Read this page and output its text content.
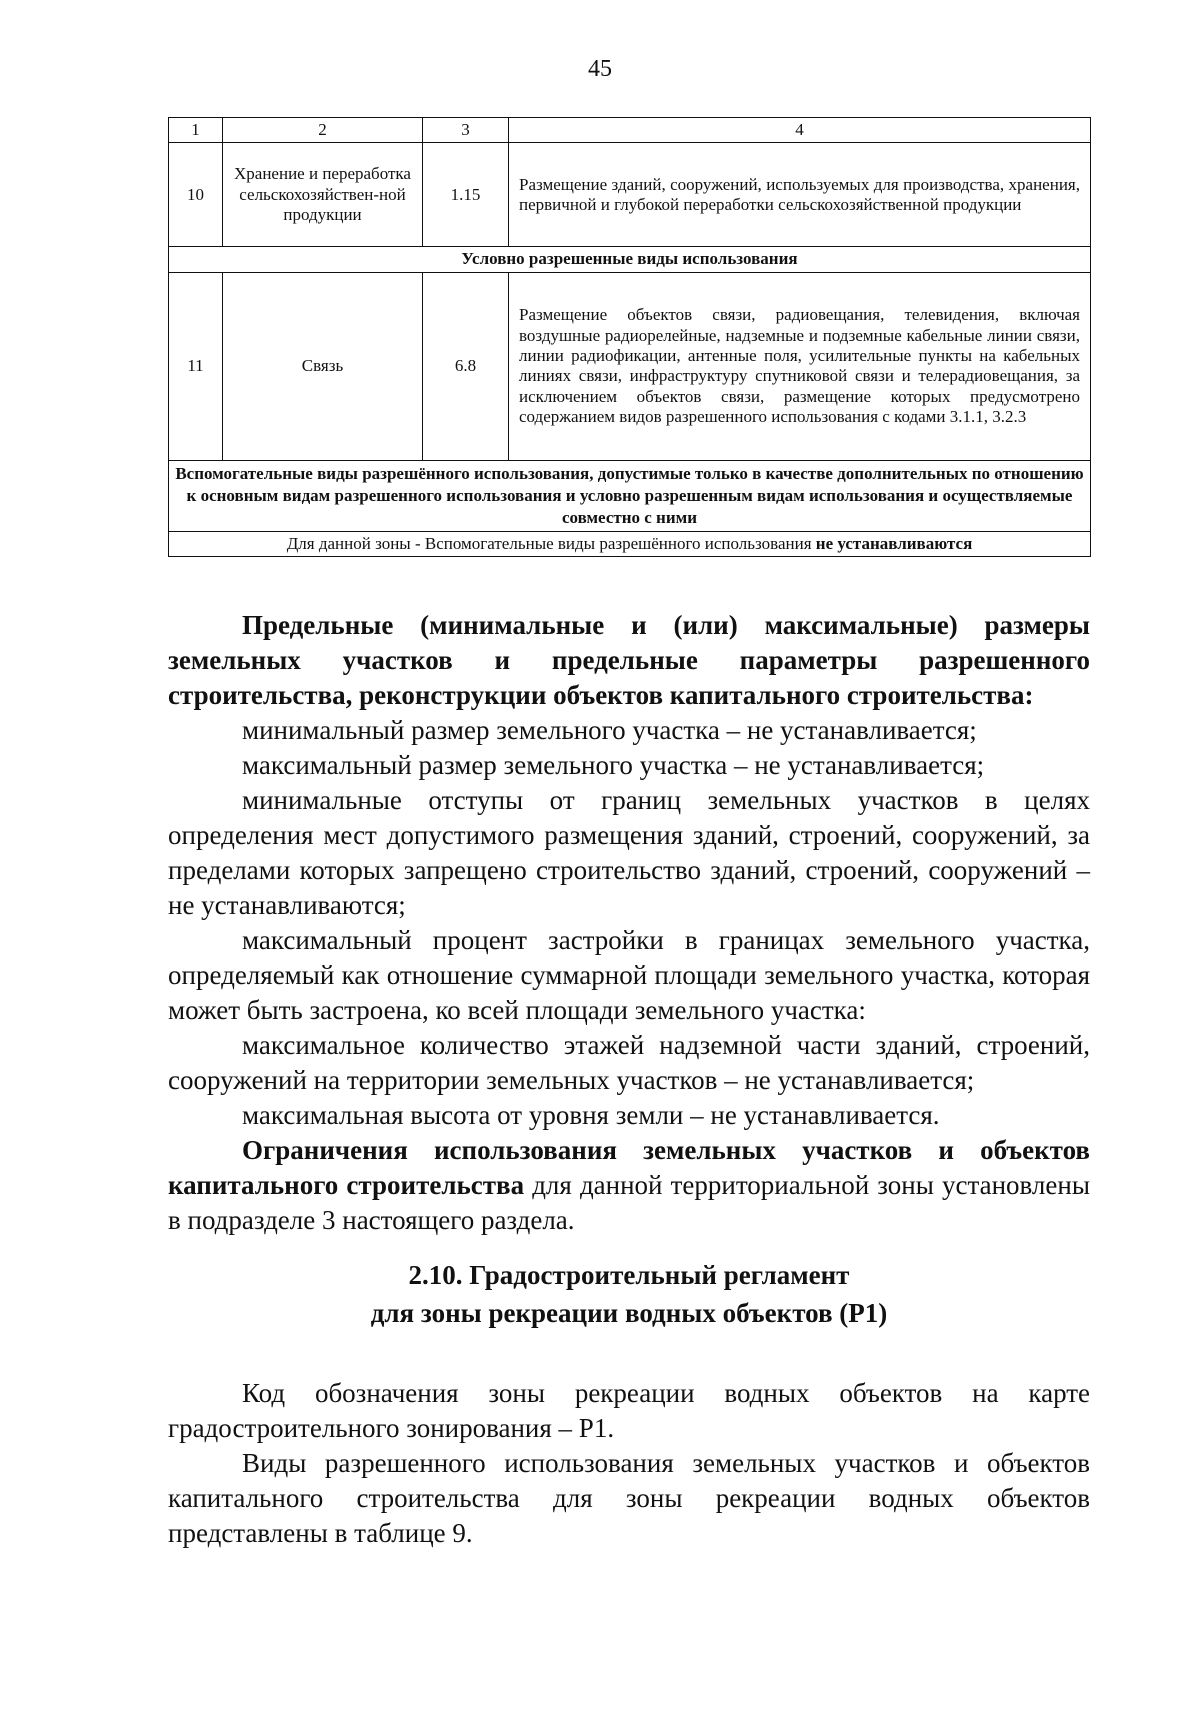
45
1	2	3	4
10	Хранение и переработка сельскохозяйствен-ной продукции	1.15	Размещение зданий, сооружений, используемых для производства, хранения, первичной и глубокой переработки сельскохозяйственной продукции
Условно разрешенные виды использования			
11	Связь	6.8	Размещение объектов связи, радиовещания, телевидения, включая воздушные радиорелейные, надземные и подземные кабельные линии связи, линии радиофикации, антенные поля, усилительные пункты на кабельных линиях связи, инфраструктуру спутниковой связи и телерадиовещания, за исключением объектов связи, размещение которых предусмотрено содержанием видов разрешенного использования с кодами 3.1.1, 3.2.3
Вспомогательные виды разрешённого использования, допустимые только в качестве дополнительных по отношению к основным видам разрешенного использования и условно разрешенным видам использования и осуществляемые совместно с ними			
Для данной зоны - Вспомогательные виды разрешённого использования не устанавливаются			

Предельные (минимальные и (или) максимальные) размеры земельных участков и предельные параметры разрешенного строительства, реконструкции объектов капитального строительства:

минимальный размер земельного участка – не устанавливается;

максимальный размер земельного участка – не устанавливается;

минимальные отступы от границ земельных участков в целях определения мест допустимого размещения зданий, строений, сооружений, за пределами которых запрещено строительство зданий, строений, сооружений – не устанавливаются;

максимальный процент застройки в границах земельного участка, определяемый как отношение суммарной площади земельного участка, которая может быть застроена, ко всей площади земельного участка:

максимальное количество этажей надземной части зданий, строений, сооружений на территории земельных участков – не устанавливается;

максимальная высота от уровня земли – не устанавливается.

Ограничения использования земельных участков и объектов капитального строительства для данной территориальной зоны установлены в подразделе 3 настоящего раздела.

2.10. Градостроительный регламент
для зоны рекреации водных объектов (Р1)

Код обозначения зоны рекреации водных объектов на карте градостроительного зонирования – Р1.

Виды разрешенного использования земельных участков и объектов капитального строительства для зоны рекреации водных объектов представлены в таблице 9.
